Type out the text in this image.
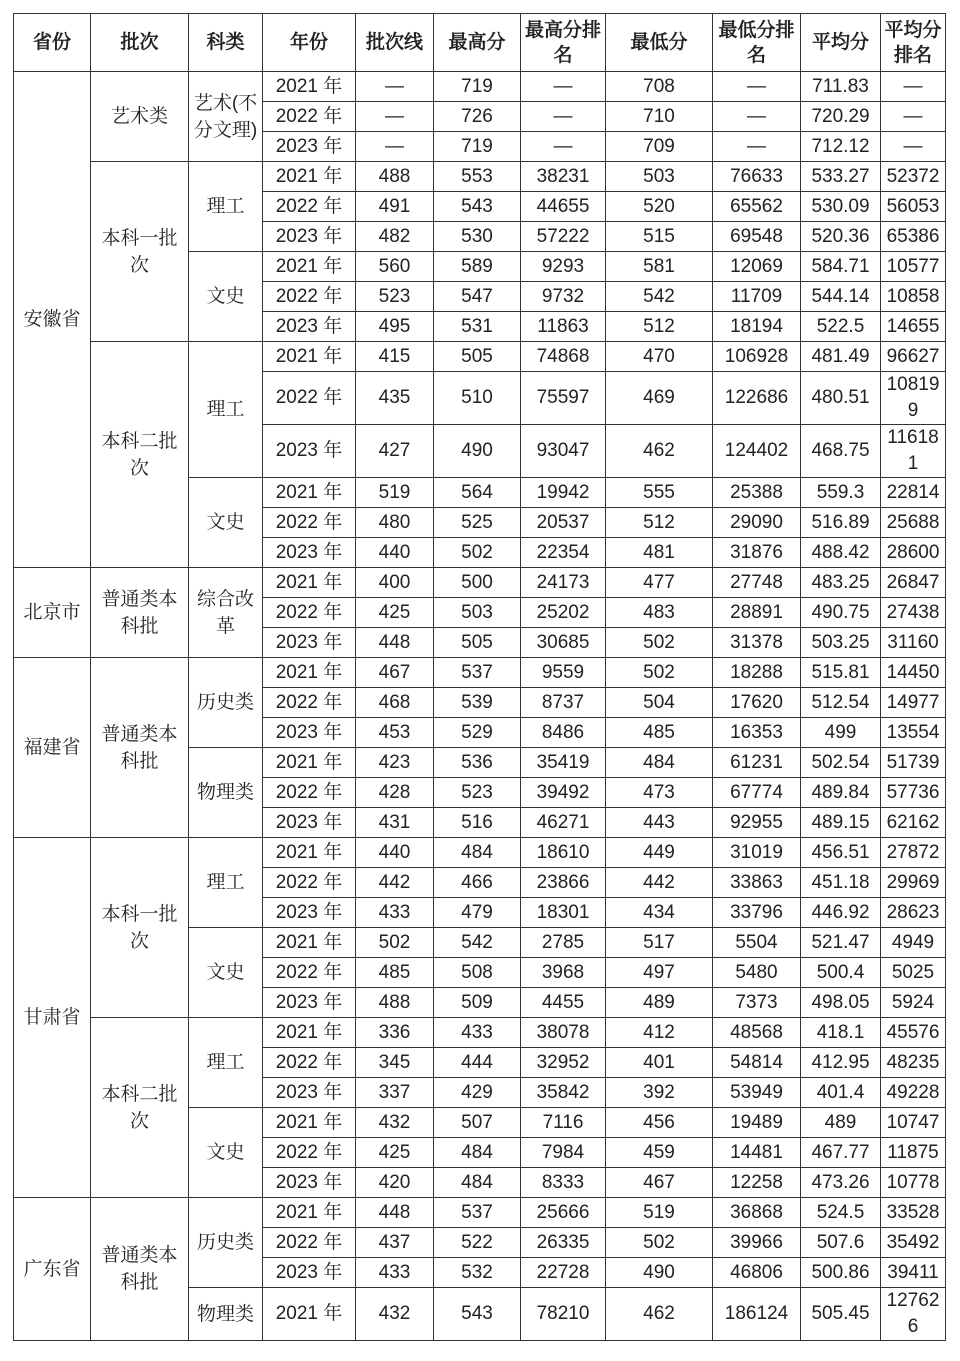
省份	批次	科类	年份	批次线	最高分	最高分排名	最低分	最低分排名	平均分	平均分排名
安徽省	艺术类	艺术(不分文理)	2021 年	—	719	—	708	—	711.83	—
			2022 年	—	726	—	710	—	720.29	—
			2023 年	—	719	—	709	—	712.12	—
	本科一批次	理工	2021 年	488	553	38231	503	76633	533.27	52372
			2022 年	491	543	44655	520	65562	530.09	56053
			2023 年	482	530	57222	515	69548	520.36	65386
		文史	2021 年	560	589	9293	581	12069	584.71	10577
			2022 年	523	547	9732	542	11709	544.14	10858
			2023 年	495	531	11863	512	18194	522.5	14655
	本科二批次	理工	2021 年	415	505	74868	470	106928	481.49	96627
			2022 年	435	510	75597	469	122686	480.51	108199
			2023 年	427	490	93047	462	124402	468.75	116181
		文史	2021 年	519	564	19942	555	25388	559.3	22814
			2022 年	480	525	20537	512	29090	516.89	25688
			2023 年	440	502	22354	481	31876	488.42	28600
北京市	普通类本科批	综合改革	2021 年	400	500	24173	477	27748	483.25	26847
			2022 年	425	503	25202	483	28891	490.75	27438
			2023 年	448	505	30685	502	31378	503.25	31160
福建省	普通类本科批	历史类	2021 年	467	537	9559	502	18288	515.81	14450
			2022 年	468	539	8737	504	17620	512.54	14977
			2023 年	453	529	8486	485	16353	499	13554
		物理类	2021 年	423	536	35419	484	61231	502.54	51739
			2022 年	428	523	39492	473	67774	489.84	57736
			2023 年	431	516	46271	443	92955	489.15	62162
甘肃省	本科一批次	理工	2021 年	440	484	18610	449	31019	456.51	27872
			2022 年	442	466	23866	442	33863	451.18	29969
			2023 年	433	479	18301	434	33796	446.92	28623
		文史	2021 年	502	542	2785	517	5504	521.47	4949
			2022 年	485	508	3968	497	5480	500.4	5025
			2023 年	488	509	4455	489	7373	498.05	5924
	本科二批次	理工	2021 年	336	433	38078	412	48568	418.1	45576
			2022 年	345	444	32952	401	54814	412.95	48235
			2023 年	337	429	35842	392	53949	401.4	49228
		文史	2021 年	432	507	7116	456	19489	489	10747
			2022 年	425	484	7984	459	14481	467.77	11875
			2023 年	420	484	8333	467	12258	473.26	10778
广东省	普通类本科批	历史类	2021 年	448	537	25666	519	36868	524.5	33528
			2022 年	437	522	26335	502	39966	507.6	35492
			2023 年	433	532	22728	490	46806	500.86	39411
		物理类	2021 年	432	543	78210	462	186124	505.45	127626
